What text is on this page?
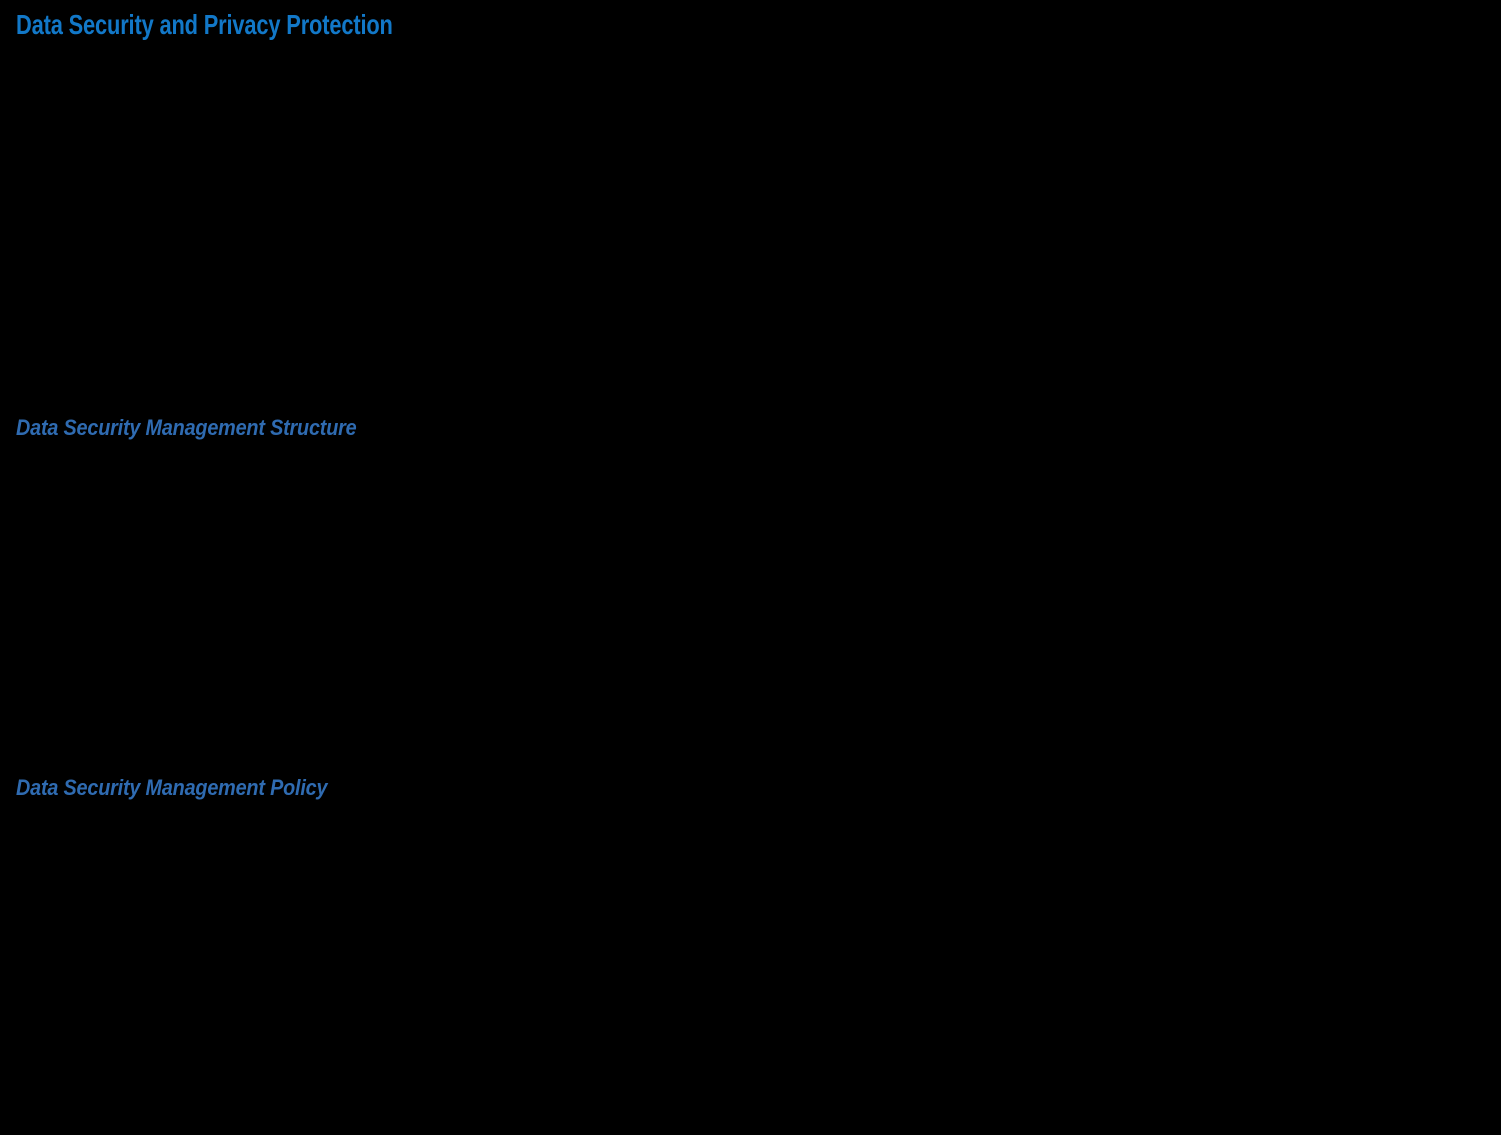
Data Security and Privacy Protection
Data Security Management Structure
Data Security Management Policy
